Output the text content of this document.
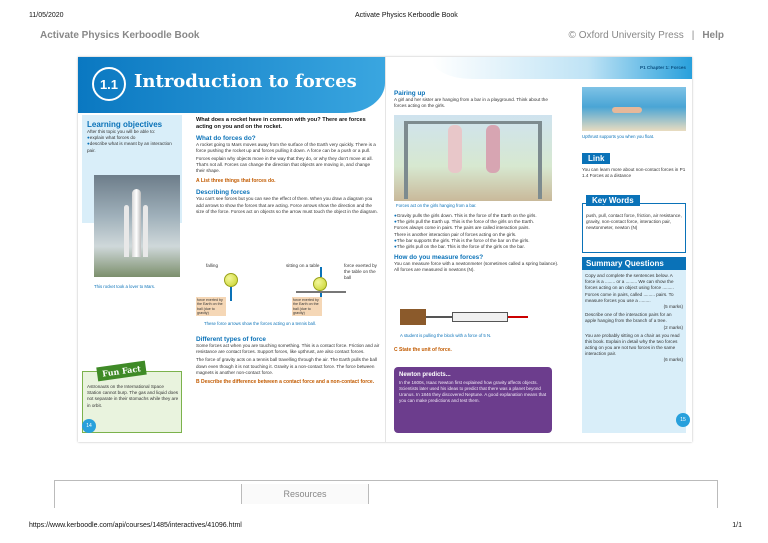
11/05/2020	Activate Physics Kerboodle Book
Activate Physics Kerboodle Book	© Oxford University Press | Help
1.1 Introduction to forces
Learning objectives
After this topic you will be able to:
● explain what forces do
● describe what is meant by an interaction pair.
This rocket took a lover to Mars.
What does a rocket have in common with you? There are forces acting on you and on the rocket.
What do forces do?
A rocket going to Mars moves away from the surface of the Earth very quickly. There is a force pushing the rocket up and forces pulling it down. A force can be a push or a pull.
Forces explain why objects move in the way that they do, or why they don't move at all. That's not all. Forces can change the direction that objects are moving in, and change their shape.
A List three things that forces do.
Describing forces
You can't see forces but you can see the effect of them. When you draw a diagram you add arrows to show the forces that are acting. Force arrows show the direction and the size of the force. Forces act on objects so the arrow must touch the object in the diagram.
falling
force exerted by the Earth on the ball (due to gravity)
sitting on a table
force exerted by the Earth on the ball (due to gravity)
force exerted by the table on the ball
These force arrows show the forces acting on a tennis ball.
Different types of force
Some forces act when you are touching something. This is a contact force. Friction and air resistance are contact forces. Support forces, like upthrust, are also contact forces.
The force of gravity acts on a tennis ball travelling through the air. The Earth pulls the ball down even though it is not touching it. Gravity is a non-contact force. The force between magnets is another non-contact force.
B Describe the difference between a contact force and a non-contact force.
Fun Fact
Astronauts on the International Space Station cannot burp. The gas and liquid does not separate in their stomachs while they are in orbit.
14
P1 Chapter 1: Forces
Pairing up
A girl and her sister are hanging from a bar in a playground. Think about the forces acting on the girls.
Forces act on the girls hanging from a bar.
● Gravity pulls the girls down. This is the force of the Earth on the girls.
● The girls pull the Earth up. This is the force of the girls on the Earth.
Forces always come in pairs. The pairs are called interaction pairs.
There is another interaction pair of forces acting on the girls.
● The bar supports the girls. This is the force of the bar on the girls.
● The girls pull on the bar. This is the force of the girls on the bar.
How do you measure forces?
You can measure force with a newtonmeter (sometimes called a spring balance). All forces are measured in newtons (N).
A student is pulling the block with a force of 5 N.
C State the unit of force.
Newton predicts...
In the 1600s, Isaac Newton first explained how gravity affects objects. Scientists later used his ideas to predict that there was a planet beyond Uranus. In 1846 they discovered Neptune. A good explanation means that you can make predictions and test them.
Upthrust supports you when you float.
Link
You can learn more about non-contact forces in P1 1.4 Forces at a distance
Key Words
push, pull, contact force, friction, air resistance, gravity, non-contact force, interaction pair, newtonmeter, newton (N)
Summary Questions
Copy and complete the sentences below. A force is a ........ or a ......... We can show the forces acting on an object using force ......... Forces come in pairs, called ......... pairs. To measure forces you use a .........
(5 marks)
Describe one of the interaction pairs for an apple hanging from the branch of a tree.
(2 marks)
You are probably sitting on a chair as you read this book. Explain in detail why the two forces acting on you are not two forces in the same interaction pair.
(6 marks)
15
Resources
https://www.kerboodle.com/api/courses/1485/interactives/41096.html	1/1
